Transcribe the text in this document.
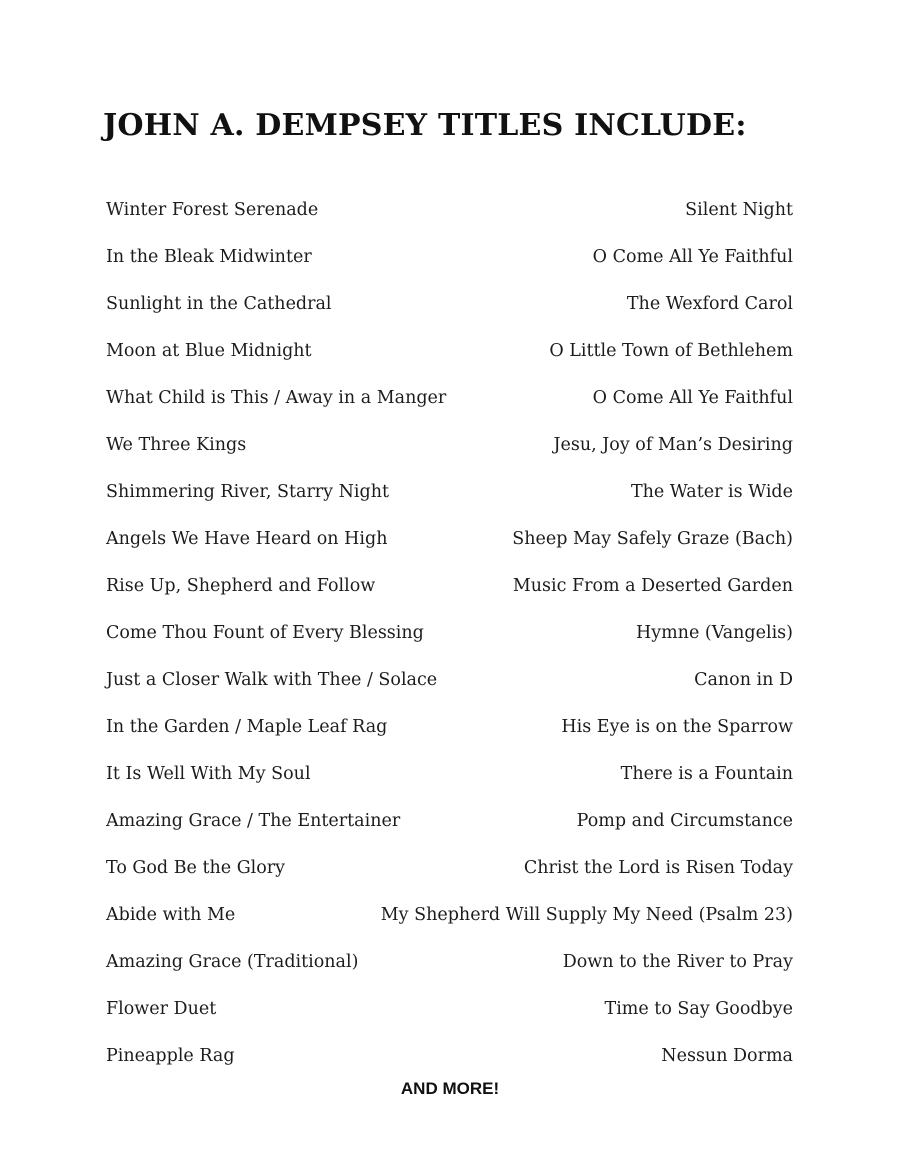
JOHN A. DEMPSEY TITLES INCLUDE:
Winter Forest Serenade	Silent Night
In the Bleak Midwinter	O Come All Ye Faithful
Sunlight in the Cathedral	The Wexford Carol
Moon at Blue Midnight	O Little Town of Bethlehem
What Child is This / Away in a Manger	O Come All Ye Faithful
We Three Kings	Jesu, Joy of Man’s Desiring
Shimmering River, Starry Night	The Water is Wide
Angels We Have Heard on High	Sheep May Safely Graze (Bach)
Rise Up, Shepherd and Follow	Music From a Deserted Garden
Come Thou Fount of Every Blessing	Hymne (Vangelis)
Just a Closer Walk with Thee / Solace	Canon in D
In the Garden / Maple Leaf Rag	His Eye is on the Sparrow
It Is Well With My Soul	There is a Fountain
Amazing Grace / The Entertainer	Pomp and Circumstance
To God Be the Glory	Christ the Lord is Risen Today
Abide with Me	My Shepherd Will Supply My Need (Psalm 23)
Amazing Grace (Traditional)	Down to the River to Pray
Flower Duet	Time to Say Goodbye
Pineapple Rag	Nessun Dorma
AND MORE!
